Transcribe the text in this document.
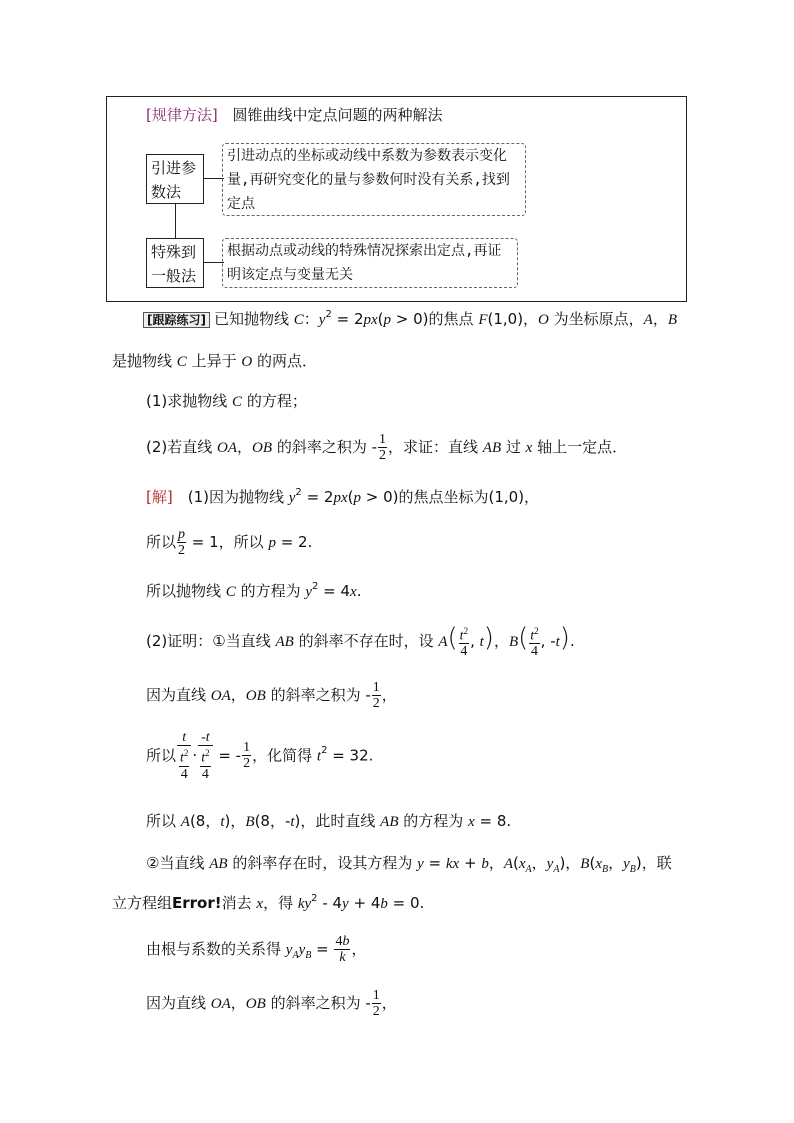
[规律方法] 圆锥曲线中定点问题的两种解法
引进参数法
引进动点的坐标或动线中系数为参数表示变化量,再研究变化的量与参数何时没有关系,找到定点
特殊到一般法
根据动点或动线的特殊情况探索出定点,再证明该定点与变量无关
[跟踪练习] 已知抛物线 C：$y^2 = 2px(p > 0)$的焦点 F(1,0)，O 为坐标原点，A，B
是抛物线 C 上异于 O 的两点．
(1)求抛物线 C 的方程；
(2)若直线 OA，OB 的斜率之积为 - $\frac{1}{2}$ ，求证：直线 AB 过 x 轴上一定点．
[解]　(1)因为抛物线 $y^2 = 2px(p > 0)$的焦点坐标为(1,0)，
所以 $\frac{p}{2} = 1$，所以 p = 2.
所以抛物线 C 的方程为 $y^2 = 4x$.
(2)证明：①当直线 AB 的斜率不存在时，设 $A( \frac{t^2}{4}$ , t)，$B( \frac{t^2}{4}$ , -t).
因为直线 OA，OB 的斜率之积为 - $\frac{1}{2}$ ，
所以 $\frac{t}{\frac{t^2}{4}} \cdot \frac{-t}{\frac{t^2}{4}}$ = - $\frac{1}{2}$ ，化简得 $t^2 = 32$.
所以 A(8，t)，B(8，-t)，此时直线 AB 的方程为 x = 8.
②当直线 AB 的斜率存在时，设其方程为 y = kx + b，$A(x_A$，$y_A$)，$B(x_B$，$y_B$)，联
立方程组Error!消去 x，得 $ky^2 - 4y + 4b = 0$.
由根与系数的关系得 $y_Ay_B = \frac{4b}{k}$ ，
因为直线 OA，OB 的斜率之积为 - $\frac{1}{2}$ ，
